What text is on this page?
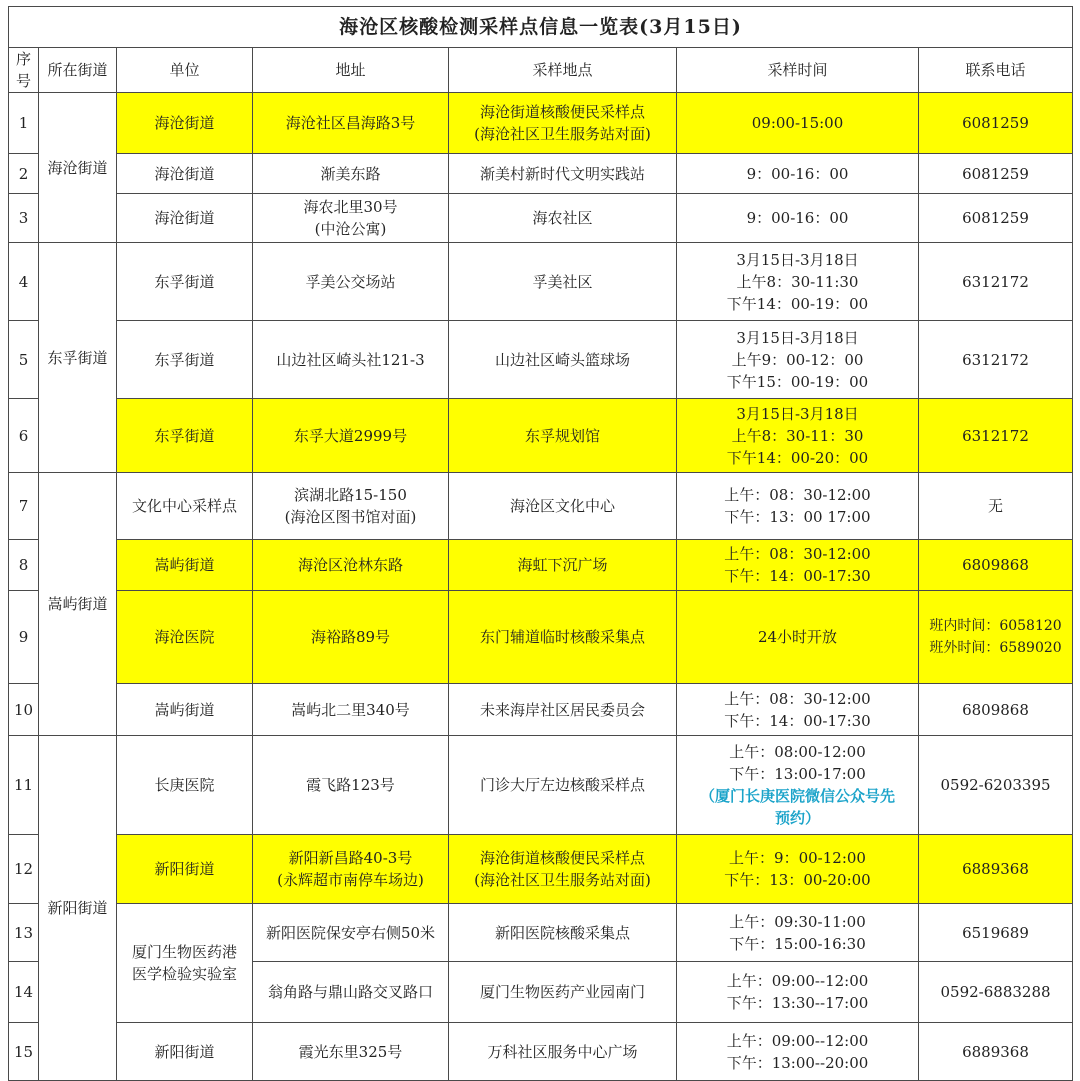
海沧区核酸检测采样点信息一览表(3月15日)						
序号	所在街道	单位	地址	采样地点	采样时间	联系电话
1	海沧街道	海沧街道	海沧社区昌海路3号	海沧街道核酸便民采样点
(海沧社区卫生服务站对面)	09:00-15:00	6081259
2		海沧街道	渐美东路	渐美村新时代文明实践站	9：00-16：00	6081259
3		海沧街道	海农北里30号
(中沧公寓)	海农社区	9：00-16：00	6081259
4	东孚街道	东孚街道	孚美公交场站	孚美社区	3月15日-3月18日
上午8：30-11:30
下午14：00-19：00	6312172
5		东孚街道	山边社区崎头社121-3	山边社区崎头篮球场	3月15日-3月18日
上午9：00-12：00
下午15：00-19：00	6312172
6		东孚街道	东孚大道2999号	东孚规划馆	3月15日-3月18日
上午8：30-11：30
下午14：00-20：00	6312172
7	嵩屿街道	文化中心采样点	滨湖北路15-150
(海沧区图书馆对面)	海沧区文化中心	上午：08：30-12:00
下午：13：00 17:00	无
8		嵩屿街道	海沧区沧林东路	海虹下沉广场	上午：08：30-12:00
下午：14：00-17:30	6809868
9		海沧医院	海裕路89号	东门辅道临时核酸采集点	24小时开放	班内时间：6058120
班外时间：6589020
10		嵩屿街道	嵩屿北二里340号	未来海岸社区居民委员会	上午：08：30-12:00
下午：14：00-17:30	6809868
11	新阳街道	长庚医院	霞飞路123号	门诊大厅左边核酸采样点	上午：08:00-12:00
下午：13:00-17:00
（厦门长庚医院微信公众号先
预约）	0592-6203395
12		新阳街道	新阳新昌路40-3号
(永辉超市南停车场边)	海沧街道核酸便民采样点
(海沧社区卫生服务站对面)	上午：9：00-12:00
下午：13：00-20:00	6889368
13		厦门生物医药港
医学检验实验室	新阳医院保安亭右侧50米	新阳医院核酸采集点	上午：09:30-11:00
下午：15:00-16:30	6519689
14			翁角路与鼎山路交叉路口	厦门生物医药产业园南门	上午：09:00--12:00
下午：13:30--17:00	0592-6883288
15		新阳街道	霞光东里325号	万科社区服务中心广场	上午：09:00--12:00
下午：13:00--20:00	6889368
